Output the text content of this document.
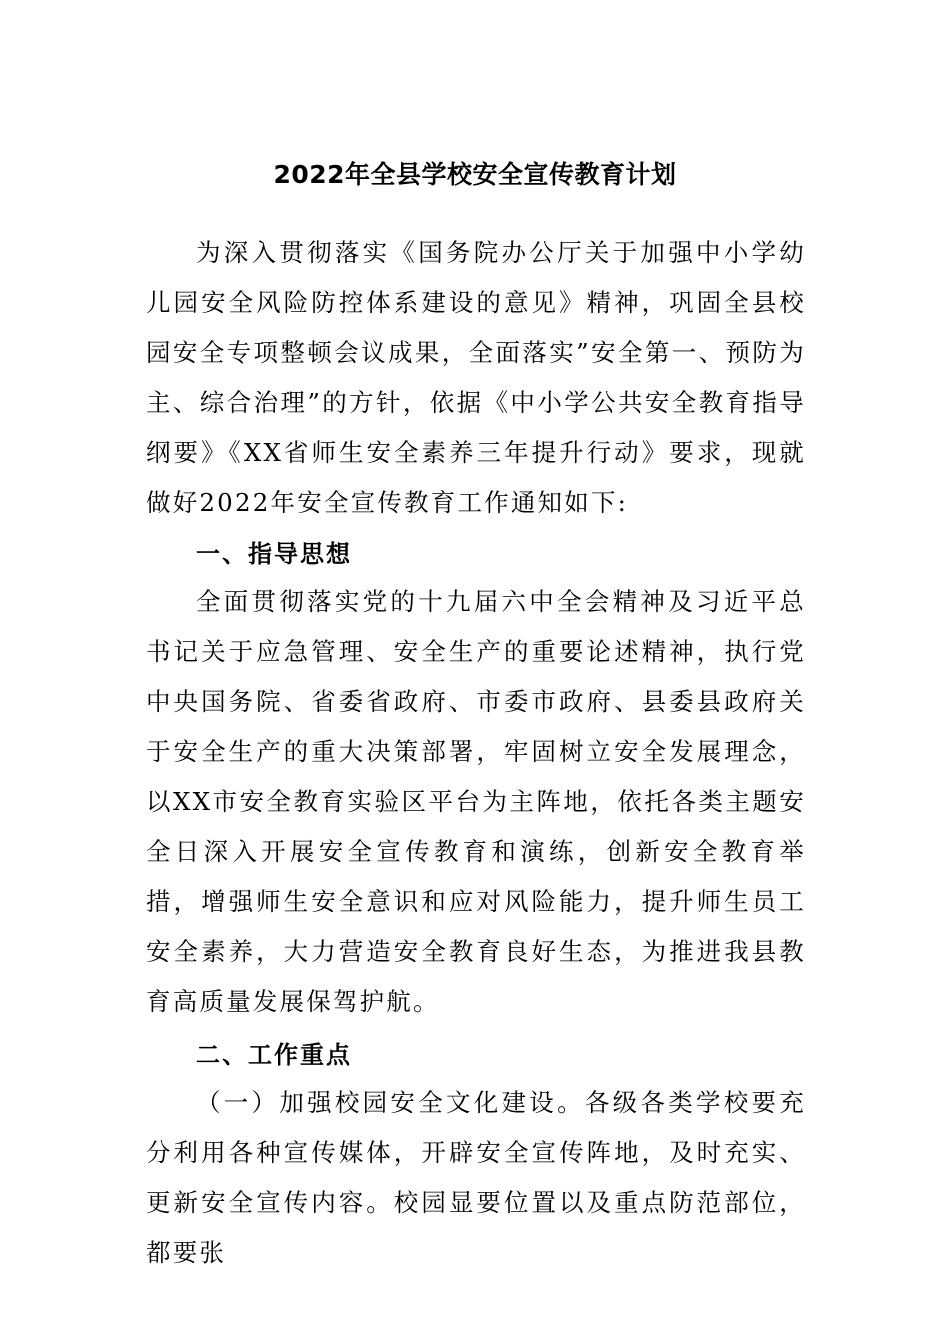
2022年全县学校安全宣传教育计划

为深入贯彻落实《国务院办公厅关于加强中小学幼儿园安全风险防控体系建设的意见》精神，巩固全县校园安全专项整顿会议成果，全面落实”安全第一、预防为主、综合治理”的方针，依据《中小学公共安全教育指导纲要》《XX省师生安全素养三年提升行动》要求，现就做好2022年安全宣传教育工作通知如下:

一、指导思想

全面贯彻落实党的十九届六中全会精神及习近平总书记关于应急管理、安全生产的重要论述精神，执行党中央国务院、省委省政府、市委市政府、县委县政府关于安全生产的重大决策部署，牢固树立安全发展理念，以XX市安全教育实验区平台为主阵地，依托各类主题安全日深入开展安全宣传教育和演练，创新安全教育举措，增强师生安全意识和应对风险能力，提升师生员工安全素养，大力营造安全教育良好生态，为推进我县教育高质量发展保驾护航。

二、工作重点

（一）加强校园安全文化建设。各级各类学校要充分利用各种宣传媒体，开辟安全宣传阵地，及时充实、更新安全宣传内容。校园显要位置以及重点防范部位，都要张
